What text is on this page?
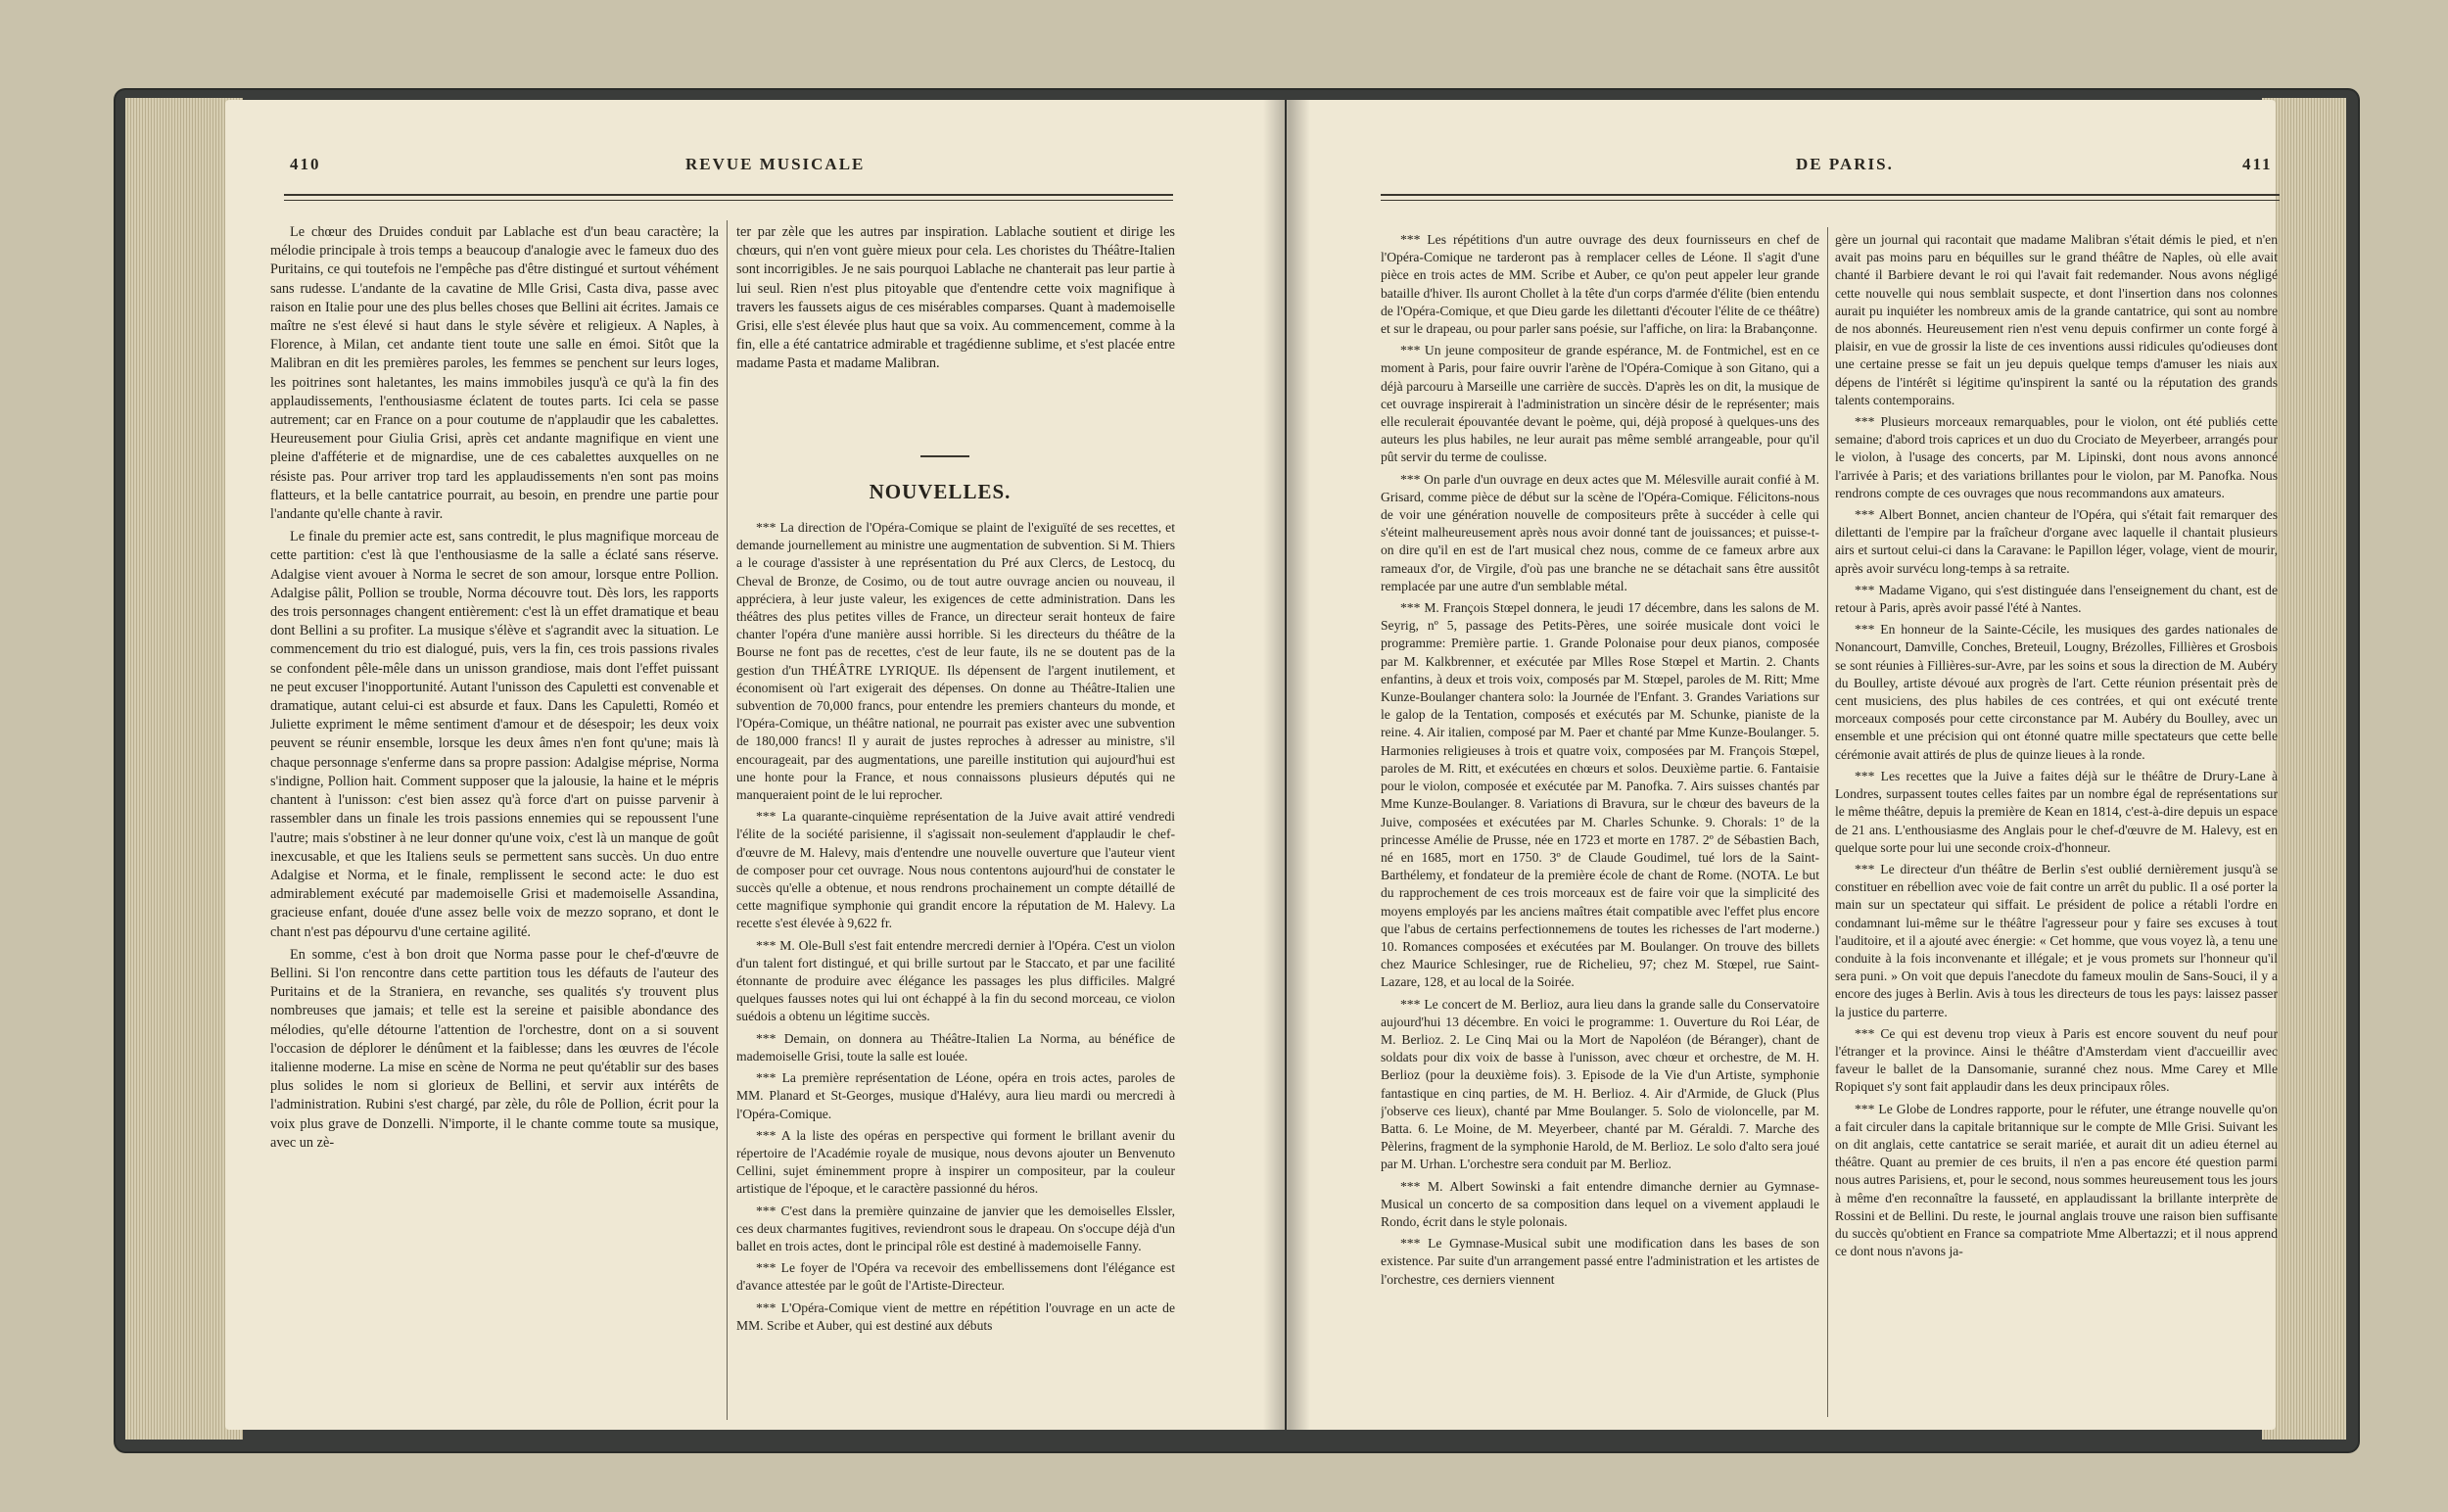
410	REVUE MUSICALE	DE PARIS.	411

Le chœur des Druides conduit par Lablache est d'un beau caractère; la mélodie principale à trois temps a beaucoup d'analogie avec le fameux duo des Puritains, ce qui toutefois ne l'empêche pas d'être distingué et surtout véhément sans rudesse. L'andante de la cavatine de Mlle Grisi, Casta diva, passe avec raison en Italie pour une des plus belles choses que Bellini ait écrites. Jamais ce maître ne s'est élevé si haut dans le style sévère et religieux. A Naples, à Florence, à Milan, cet andante tient toute une salle en émoi. Sitôt que la Malibran en dit les premières paroles, les femmes se penchent sur leurs loges, les poitrines sont haletantes, les mains immobiles jusqu'à ce qu'à la fin des applaudissements, l'enthousiasme éclatent de toutes parts. Ici cela se passe autrement; car en France on a pour coutume de n'applaudir que les cabalettes. Heureusement pour Giulia Grisi, après cet andante magnifique en vient une pleine d'afféterie et de mignardise, une de ces cabalettes auxquelles on ne résiste pas. Pour arriver trop tard les applaudissements n'en sont pas moins flatteurs, et la belle cantatrice pourrait, au besoin, en prendre une partie pour l'andante qu'elle chante à ravir.

Le finale du premier acte est, sans contredit, le plus magnifique morceau de cette partition: c'est là que l'enthousiasme de la salle a éclaté sans réserve. Adalgise vient avouer à Norma le secret de son amour, lorsque entre Pollion. Adalgise pâlit, Pollion se trouble, Norma découvre tout. Dès lors, les rapports des trois personnages changent entièrement: c'est là un effet dramatique et beau dont Bellini a su profiter. La musique s'élève et s'agrandit avec la situation. Le commencement du trio est dialogué, puis, vers la fin, ces trois passions rivales se confondent pêle-mêle dans un unisson grandiose, mais dont l'effet puissant ne peut excuser l'inopportunité. Autant l'unisson des Capuletti est convenable et dramatique, autant celui-ci est absurde et faux. Dans les Capuletti, Roméo et Juliette expriment le même sentiment d'amour et de désespoir; les deux voix peuvent se réunir ensemble, lorsque les deux âmes n'en font qu'une; mais là chaque personnage s'enferme dans sa propre passion: Adalgise méprise, Norma s'indigne, Pollion hait. Comment supposer que la jalousie, la haine et le mépris chantent à l'unisson: c'est bien assez qu'à force d'art on puisse parvenir à rassembler dans un finale les trois passions ennemies qui se repoussent l'une l'autre; mais s'obstiner à ne leur donner qu'une voix, c'est là un manque de goût inexcusable, et que les Italiens seuls se permettent sans succès. Un duo entre Adalgise et Norma, et le finale, remplissent le second acte: le duo est admirablement exécuté par mademoiselle Grisi et mademoiselle Assandina, gracieuse enfant, douée d'une assez belle voix de mezzo soprano, et dont le chant n'est pas dépourvu d'une certaine agilité.

En somme, c'est à bon droit que Norma passe pour le chef-d'œuvre de Bellini. Si l'on rencontre dans cette partition tous les défauts de l'auteur des Puritains et de la Straniera, en revanche, ses qualités s'y trouvent plus nombreuses que jamais; et telle est la sereine et paisible abondance des mélodies, qu'elle détourne l'attention de l'orchestre, dont on a si souvent l'occasion de déplorer le dénûment et la faiblesse; dans les œuvres de l'école italienne moderne. La mise en scène de Norma ne peut qu'établir sur des bases plus solides le nom si glorieux de Bellini, et servir aux intérêts de l'administration. Rubini s'est chargé, par zèle, du rôle de Pollion, écrit pour la voix plus grave de Donzelli. N'importe, il le chante comme toute sa musique, avec un zè-

ter par zèle que les autres par inspiration. Lablache soutient et dirige les chœurs, qui n'en vont guère mieux pour cela. Les choristes du Théâtre-Italien sont incorrigibles. Je ne sais pourquoi Lablache ne chanterait pas leur partie à lui seul. Rien n'est plus pitoyable que d'entendre cette voix magnifique à travers les faussets aigus de ces misérables comparses. Quant à mademoiselle Grisi, elle s'est élevée plus haut que sa voix. Au commencement, comme à la fin, elle a été cantatrice admirable et tragédienne sublime, et s'est placée entre madame Pasta et madame Malibran.

NOUVELLES.

*** La direction de l'Opéra-Comique se plaint de l'exiguïté de ses recettes, et demande journellement au ministre une augmentation de subvention. Si M. Thiers a le courage d'assister à une représentation du Pré aux Clercs, de Lestocq, du Cheval de Bronze, de Cosimo, ou de tout autre ouvrage ancien ou nouveau, il appréciera, à leur juste valeur, les exigences de cette administration. Dans les théâtres des plus petites villes de France, un directeur serait honteux de faire chanter l'opéra d'une manière aussi horrible. Si les directeurs du théâtre de la Bourse ne font pas de recettes, c'est de leur faute, ils ne se doutent pas de la gestion d'un THÉÂTRE LYRIQUE. Ils dépensent de l'argent inutilement, et économisent où l'art exigerait des dépenses. On donne au Théâtre-Italien une subvention de 70,000 francs, pour entendre les premiers chanteurs du monde, et l'Opéra-Comique, un théâtre national, ne pourrait pas exister avec une subvention de 180,000 francs! Il y aurait de justes reproches à adresser au ministre, s'il encourageait, par des augmentations, une pareille institution qui aujourd'hui est une honte pour la France, et nous connaissons plusieurs députés qui ne manqueraient point de le lui reprocher.

*** La quarante-cinquième représentation de la Juive avait attiré vendredi l'élite de la société parisienne, il s'agissait non-seulement d'applaudir le chef-d'œuvre de M. Halevy, mais d'entendre une nouvelle ouverture que l'auteur vient de composer pour cet ouvrage. Nous nous contentons aujourd'hui de constater le succès qu'elle a obtenue, et nous rendrons prochainement un compte détaillé de cette magnifique symphonie qui grandit encore la réputation de M. Halevy. La recette s'est élevée à 9,622 fr.

*** M. Ole-Bull s'est fait entendre mercredi dernier à l'Opéra. C'est un violon d'un talent fort distingué, et qui brille surtout par le Staccato, et par une facilité étonnante de produire avec élégance les passages les plus difficiles. Malgré quelques fausses notes qui lui ont échappé à la fin du second morceau, ce violon suédois a obtenu un légitime succès.

*** Demain, on donnera au Théâtre-Italien La Norma, au bénéfice de mademoiselle Grisi, toute la salle est louée.

*** La première représentation de Léone, opéra en trois actes, paroles de MM. Planard et St-Georges, musique d'Halévy, aura lieu mardi ou mercredi à l'Opéra-Comique.

*** A la liste des opéras en perspective qui forment le brillant avenir du répertoire de l'Académie royale de musique, nous devons ajouter un Benvenuto Cellini, sujet éminemment propre à inspirer un compositeur, par la couleur artistique de l'époque, et le caractère passionné du héros.

*** C'est dans la première quinzaine de janvier que les demoiselles Elssler, ces deux charmantes fugitives, reviendront sous le drapeau. On s'occupe déjà d'un ballet en trois actes, dont le principal rôle est destiné à mademoiselle Fanny.

*** Le foyer de l'Opéra va recevoir des embellissemens dont l'élégance est d'avance attestée par le goût de l'Artiste-Directeur.

*** L'Opéra-Comique vient de mettre en répétition l'ouvrage en un acte de MM. Scribe et Auber, qui est destiné aux débuts

*** Les répétitions d'un autre ouvrage des deux fournisseurs en chef de l'Opéra-Comique ne tarderont pas à remplacer celles de Léone. Il s'agit d'une pièce en trois actes de MM. Scribe et Auber, ce qu'on peut appeler leur grande bataille d'hiver. Ils auront Chollet à la tête d'un corps d'armée d'élite (bien entendu de l'Opéra-Comique, et que Dieu garde les dilettanti d'écouter l'élite de ce théâtre) et sur le drapeau, ou pour parler sans poésie, sur l'affiche, on lira: la Brabançonne.

*** Un jeune compositeur de grande espérance, M. de Fontmichel, est en ce moment à Paris, pour faire ouvrir l'arène de l'Opéra-Comique à son Gitano, qui a déjà parcouru à Marseille une carrière de succès. D'après les on dit, la musique de cet ouvrage inspirerait à l'administration un sincère désir de le représenter; mais elle reculerait épouvantée devant le poème, qui, déjà proposé à quelques-uns des auteurs les plus habiles, ne leur aurait pas même semblé arrangeable, pour qu'il pût servir du terme de coulisse.

*** On parle d'un ouvrage en deux actes que M. Mélesville aurait confié à M. Grisard, comme pièce de début sur la scène de l'Opéra-Comique. Félicitons-nous de voir une génération nouvelle de compositeurs prête à succéder à celle qui s'éteint malheureusement après nous avoir donné tant de jouissances; et puisse-t-on dire qu'il en est de l'art musical chez nous, comme de ce fameux arbre aux rameaux d'or, de Virgile, d'où pas une branche ne se détachait sans être aussitôt remplacée par une autre d'un semblable métal.

*** M. François Stœpel donnera, le jeudi 17 décembre, dans les salons de M. Seyrig, nº 5, passage des Petits-Pères, une soirée musicale dont voici le programme: Première partie. 1. Grande Polonaise pour deux pianos, composée par M. Kalkbrenner, et exécutée par Mlles Rose Stœpel et Martin. 2. Chants enfantins, à deux et trois voix, composés par M. Stœpel, paroles de M. Ritt; Mme Kunze-Boulanger chantera solo: la Journée de l'Enfant. 3. Grandes Variations sur le galop de la Tentation, composés et exécutés par M. Schunke, pianiste de la reine. 4. Air italien, composé par M. Paer et chanté par Mme Kunze-Boulanger. 5. Harmonies religieuses à trois et quatre voix, composées par M. François Stœpel, paroles de M. Ritt, et exécutées en chœurs et solos. Deuxième partie. 6. Fantaisie pour le violon, composée et exécutée par M. Panofka. 7. Airs suisses chantés par Mme Kunze-Boulanger. 8. Variations di Bravura, sur le chœur des baveurs de la Juive, composées et exécutées par M. Charles Schunke. 9. Chorals: 1º de la princesse Amélie de Prusse, née en 1723 et morte en 1787. 2º de Sébastien Bach, né en 1685, mort en 1750. 3º de Claude Goudimel, tué lors de la Saint-Barthélemy, et fondateur de la première école de chant de Rome. (NOTA. Le but du rapprochement de ces trois morceaux est de faire voir que la simplicité des moyens employés par les anciens maîtres était compatible avec l'effet plus encore que l'abus de certains perfectionnemens de toutes les richesses de l'art moderne.) 10. Romances composées et exécutées par M. Boulanger. On trouve des billets chez Maurice Schlesinger, rue de Richelieu, 97; chez M. Stœpel, rue Saint-Lazare, 128, et au local de la Soirée.

*** Le concert de M. Berlioz, aura lieu dans la grande salle du Conservatoire aujourd'hui 13 décembre. En voici le programme: 1. Ouverture du Roi Léar, de M. Berlioz. 2. Le Cinq Mai ou la Mort de Napoléon (de Béranger), chant de soldats pour dix voix de basse à l'unisson, avec chœur et orchestre, de M. H. Berlioz (pour la deuxième fois). 3. Episode de la Vie d'un Artiste, symphonie fantastique en cinq parties, de M. H. Berlioz. 4. Air d'Armide, de Gluck (Plus j'observe ces lieux), chanté par Mme Boulanger. 5. Solo de violoncelle, par M. Batta. 6. Le Moine, de M. Meyerbeer, chanté par M. Géraldi. 7. Marche des Pèlerins, fragment de la symphonie Harold, de M. Berlioz. Le solo d'alto sera joué par M. Urhan. L'orchestre sera conduit par M. Berlioz.

*** M. Albert Sowinski a fait entendre dimanche dernier au Gymnase-Musical un concerto de sa composition dans lequel on a vivement applaudi le Rondo, écrit dans le style polonais.

*** Le Gymnase-Musical subit une modification dans les bases de son existence. Par suite d'un arrangement passé entre l'administration et les artistes de l'orchestre, ces derniers viennent

gère un journal qui racontait que madame Malibran s'était démis le pied, et n'en avait pas moins paru en béquilles sur le grand théâtre de Naples, où elle avait chanté il Barbiere devant le roi qui l'avait fait redemander. Nous avons négligé cette nouvelle qui nous semblait suspecte, et dont l'insertion dans nos colonnes aurait pu inquiéter les nombreux amis de la grande cantatrice, qui sont au nombre de nos abonnés. Heureusement rien n'est venu depuis confirmer un conte forgé à plaisir, en vue de grossir la liste de ces inventions aussi ridicules qu'odieuses dont une certaine presse se fait un jeu depuis quelque temps d'amuser les niais aux dépens de l'intérêt si légitime qu'inspirent la santé ou la réputation des grands talents contemporains.

*** Plusieurs morceaux remarquables, pour le violon, ont été publiés cette semaine; d'abord trois caprices et un duo du Crociato de Meyerbeer, arrangés pour le violon, à l'usage des concerts, par M. Lipinski, dont nous avons annoncé l'arrivée à Paris; et des variations brillantes pour le violon, par M. Panofka. Nous rendrons compte de ces ouvrages que nous recommandons aux amateurs.

*** Albert Bonnet, ancien chanteur de l'Opéra, qui s'était fait remarquer des dilettanti de l'empire par la fraîcheur d'organe avec laquelle il chantait plusieurs airs et surtout celui-ci dans la Caravane: le Papillon léger, volage, vient de mourir, après avoir survécu long-temps à sa retraite.

*** Madame Vigano, qui s'est distinguée dans l'enseignement du chant, est de retour à Paris, après avoir passé l'été à Nantes.

*** En honneur de la Sainte-Cécile, les musiques des gardes nationales de Nonancourt, Damville, Conches, Breteuil, Lougny, Brézolles, Fillières et Grosbois se sont réunies à Fillières-sur-Avre, par les soins et sous la direction de M. Aubéry du Boulley, artiste dévoué aux progrès de l'art. Cette réunion présentait près de cent musiciens, des plus habiles de ces contrées, et qui ont exécuté trente morceaux composés pour cette circonstance par M. Aubéry du Boulley, avec un ensemble et une précision qui ont étonné quatre mille spectateurs que cette belle cérémonie avait attirés de plus de quinze lieues à la ronde.

*** Les recettes que la Juive a faites déjà sur le théâtre de Drury-Lane à Londres, surpassent toutes celles faites par un nombre égal de représentations sur le même théâtre, depuis la première de Kean en 1814, c'est-à-dire depuis un espace de 21 ans. L'enthousiasme des Anglais pour le chef-d'œuvre de M. Halevy, est en quelque sorte pour lui une seconde croix-d'honneur.

*** Le directeur d'un théâtre de Berlin s'est oublié dernièrement jusqu'à se constituer en rébellion avec voie de fait contre un arrêt du public. Il a osé porter la main sur un spectateur qui siffait. Le président de police a rétabli l'ordre en condamnant lui-même sur le théâtre l'agresseur pour y faire ses excuses à tout l'auditoire, et il a ajouté avec énergie: « Cet homme, que vous voyez là, a tenu une conduite à la fois inconvenante et illégale; et je vous promets sur l'honneur qu'il sera puni. » On voit que depuis l'anecdote du fameux moulin de Sans-Souci, il y a encore des juges à Berlin. Avis à tous les directeurs de tous les pays: laissez passer la justice du parterre.

*** Ce qui est devenu trop vieux à Paris est encore souvent du neuf pour l'étranger et la province. Ainsi le théâtre d'Amsterdam vient d'accueillir avec faveur le ballet de la Dansomanie, suranné chez nous. Mme Carey et Mlle Ropiquet s'y sont fait applaudir dans les deux principaux rôles.

*** Le Globe de Londres rapporte, pour le réfuter, une étrange nouvelle qu'on a fait circuler dans la capitale britannique sur le compte de Mlle Grisi. Suivant les on dit anglais, cette cantatrice se serait mariée, et aurait dit un adieu éternel au théâtre. Quant au premier de ces bruits, il n'en a pas encore été question parmi nous autres Parisiens, et, pour le second, nous sommes heureusement tous les jours à même d'en reconnaître la fausseté, en applaudissant la brillante interprète de Rossini et de Bellini. Du reste, le journal anglais trouve une raison bien suffisante du succès qu'obtient en France sa compatriote Mme Albertazzi; et il nous apprend ce dont nous n'avons ja-
